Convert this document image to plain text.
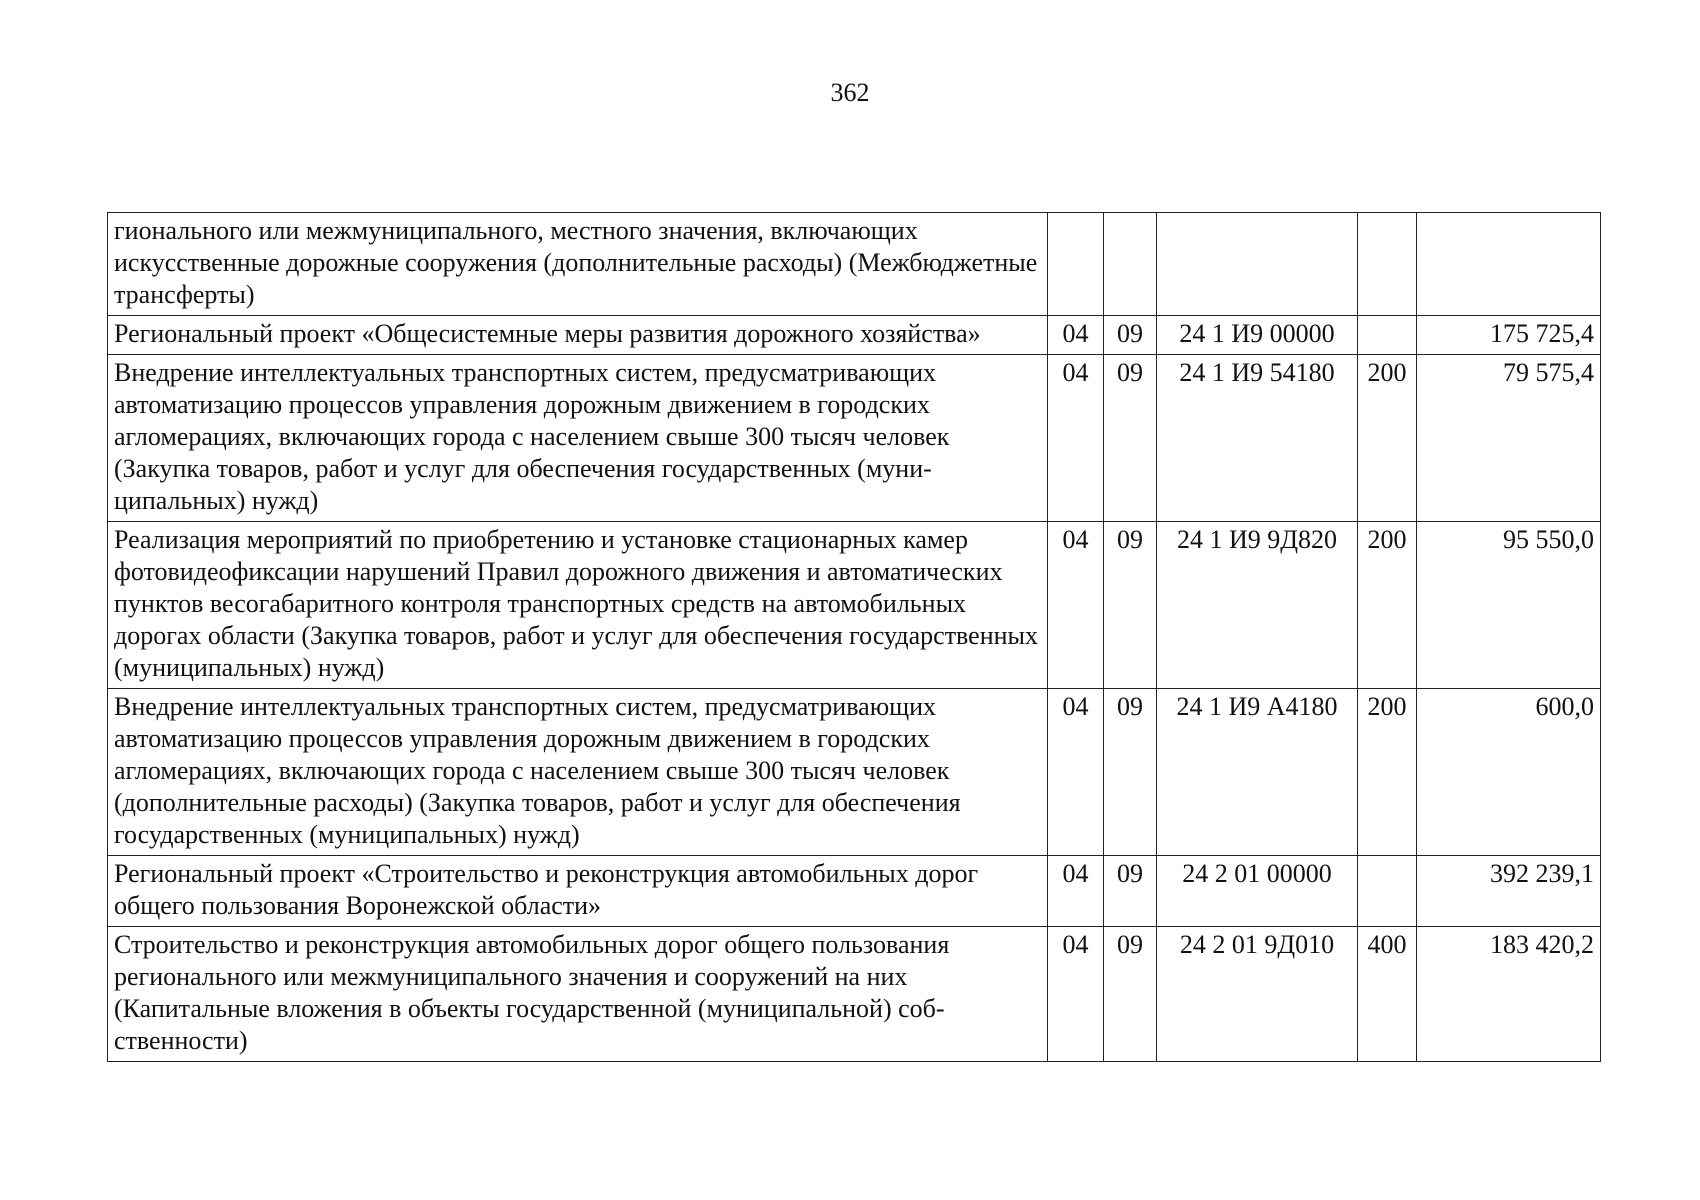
362
гионального или межмуниципального, местного значения, включающих искусственные дорожные сооружения (дополнительные расходы) (Межбюджетные трансферты)					
Региональный проект «Общесистемные меры развития дорожного хозяйства»	04	09	24 1 И9 00000		175 725,4
Внедрение интеллектуальных транспортных систем, предусматривающих автоматизацию процессов управления дорожным движением в городских агломерациях, включающих города с населением свыше 300 тысяч человек (Закупка товаров, работ и услуг для обеспечения государственных (муниципальных) нужд)	04	09	24 1 И9 54180	200	79 575,4
Реализация мероприятий по приобретению и установке стационарных камер фотовидеофиксации нарушений Правил дорожного движения и автоматических пунктов весогабаритного контроля транспортных средств на автомобильных дорогах области (Закупка товаров, работ и услуг для обеспечения государственных (муниципальных) нужд)	04	09	24 1 И9 9Д820	200	95 550,0
Внедрение интеллектуальных транспортных систем, предусматривающих автоматизацию процессов управления дорожным движением в городских агломерациях, включающих города с населением свыше 300 тысяч человек (дополнительные расходы) (Закупка товаров, работ и услуг для обеспечения государственных (муниципальных) нужд)	04	09	24 1 И9 А4180	200	600,0
Региональный проект «Строительство и реконструкция автомобильных дорог общего пользования Воронежской области»	04	09	24 2 01 00000		392 239,1
Строительство и реконструкция автомобильных дорог общего пользования регионального или межмуниципального значения и сооружений на них (Капитальные вложения в объекты государственной (муниципальной) собственности)	04	09	24 2 01 9Д010	400	183 420,2
